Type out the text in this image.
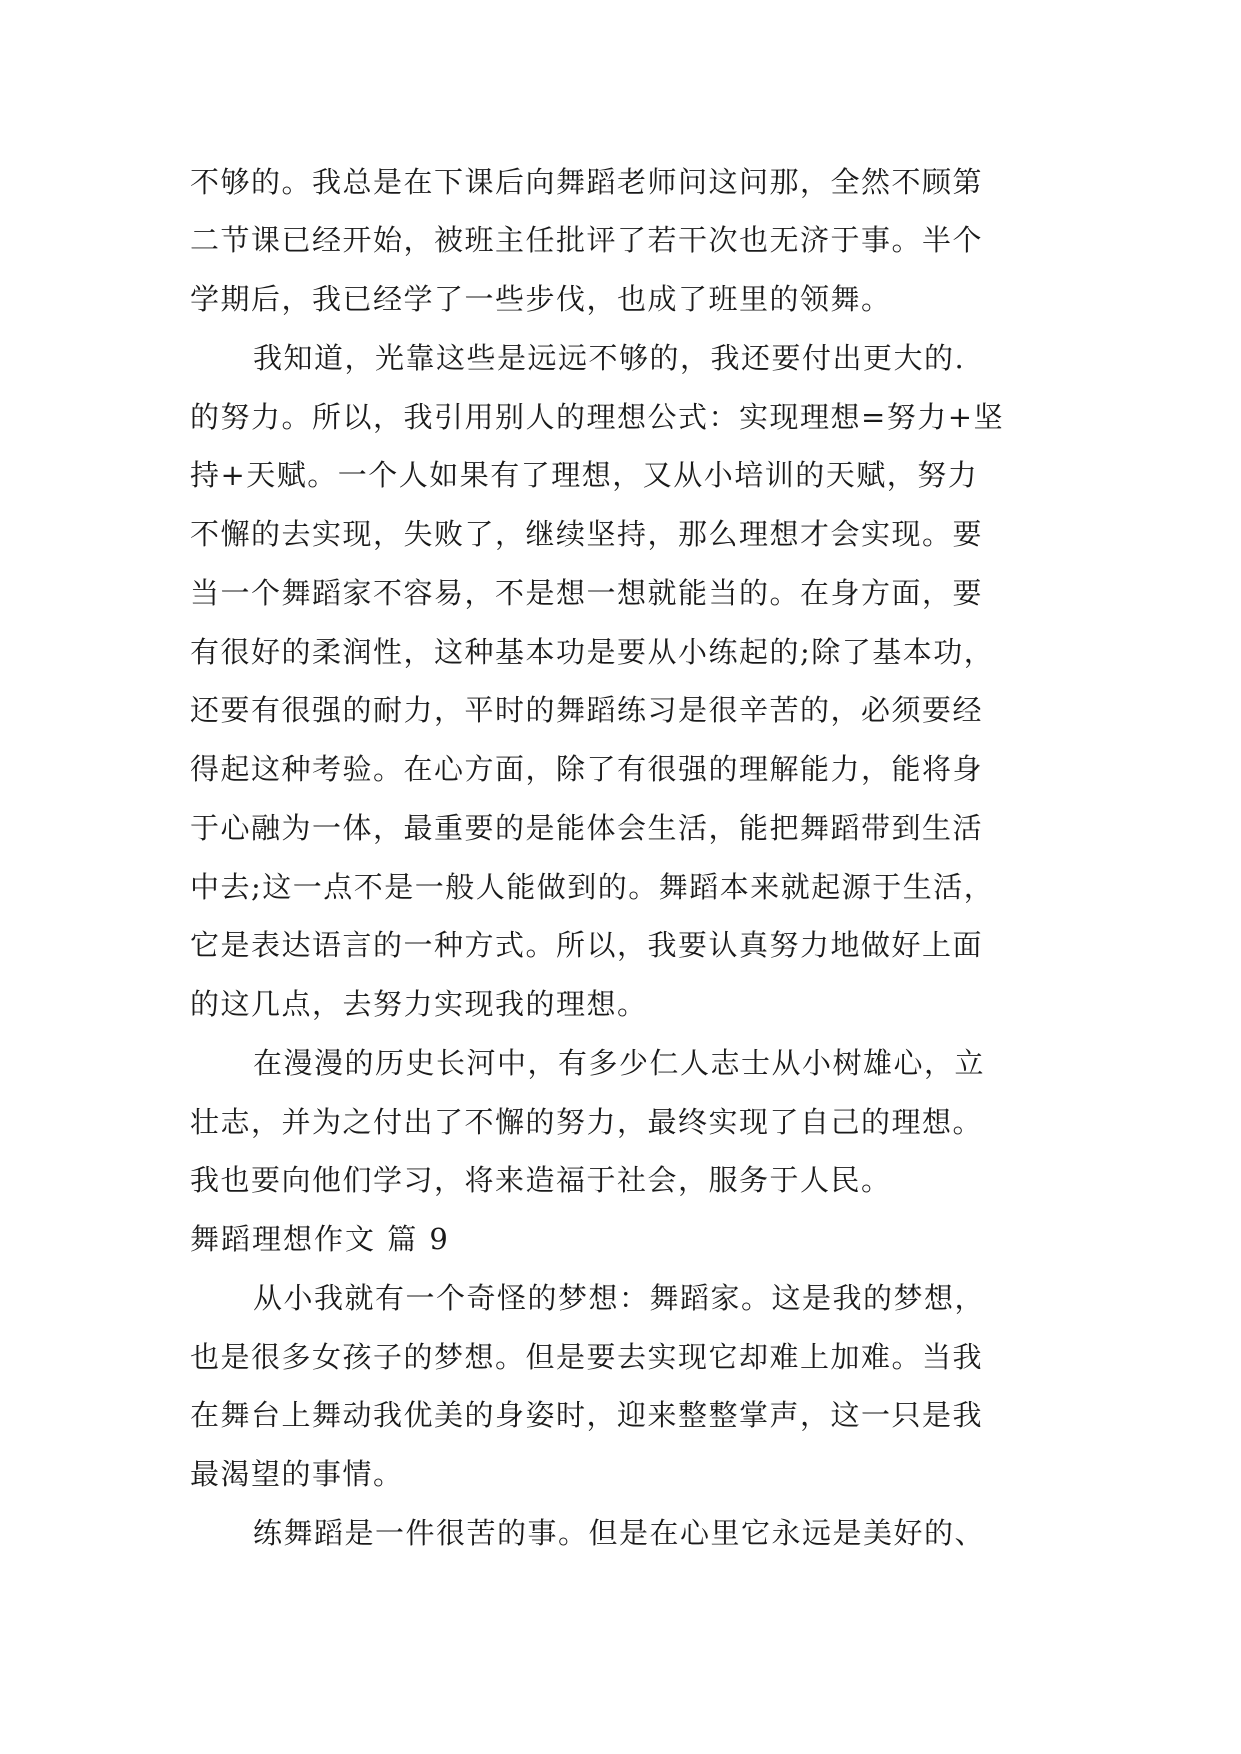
不够的。我总是在下课后向舞蹈老师问这问那，全然不顾第
二节课已经开始，被班主任批评了若干次也无济于事。半个
学期后，我已经学了一些步伐，也成了班里的领舞。
我知道，光靠这些是远远不够的，我还要付出更大的.
的努力。所以，我引用别人的理想公式：实现理想=努力+坚
持+天赋。一个人如果有了理想，又从小培训的天赋，努力
不懈的去实现，失败了，继续坚持，那么理想才会实现。要
当一个舞蹈家不容易，不是想一想就能当的。在身方面，要
有很好的柔润性，这种基本功是要从小练起的;除了基本功，
还要有很强的耐力，平时的舞蹈练习是很辛苦的，必须要经
得起这种考验。在心方面，除了有很强的理解能力，能将身
于心融为一体，最重要的是能体会生活，能把舞蹈带到生活
中去;这一点不是一般人能做到的。舞蹈本来就起源于生活，
它是表达语言的一种方式。所以，我要认真努力地做好上面
的这几点，去努力实现我的理想。
在漫漫的历史长河中，有多少仁人志士从小树雄心，立
壮志，并为之付出了不懈的努力，最终实现了自己的理想。
我也要向他们学习，将来造福于社会，服务于人民。
舞蹈理想作文 篇 9
从小我就有一个奇怪的梦想：舞蹈家。这是我的梦想，
也是很多女孩子的梦想。但是要去实现它却难上加难。当我
在舞台上舞动我优美的身姿时，迎来整整掌声，这一只是我
最渴望的事情。
练舞蹈是一件很苦的事。但是在心里它永远是美好的、
